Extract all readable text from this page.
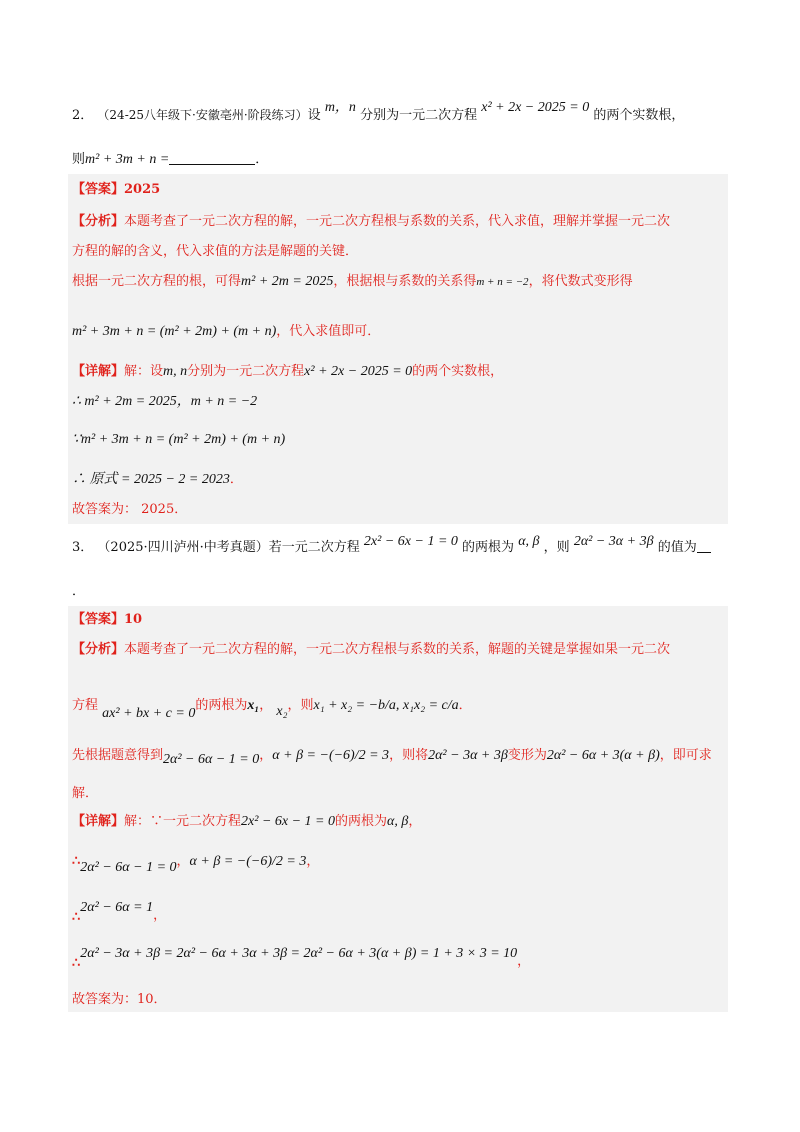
2． （24-25八年级下·安徽亳州·阶段练习）设 m，n 分别为一元二次方程 x² + 2x − 2025 = 0 的两个实数根，
则m² + 3m + n =	．
【答案】2025
【分析】本题考查了一元二次方程的解，一元二次方程根与系数的关系，代入求值，理解并掌握一元二次
方程的解的含义，代入求值的方法是解题的关键．
根据一元二次方程的根，可得m² + 2m = 2025，根据根与系数的关系得m + n = −2，将代数式变形得
m² + 3m + n = (m² + 2m) + (m + n)，代入求值即可．
【详解】解：设m, n分别为一元二次方程x² + 2x − 2025 = 0的两个实数根，
∴ m² + 2m = 2025，m + n = −2
∵m² + 3m + n = (m² + 2m) + (m + n)
∴ 原式 = 2025 − 2 = 2023．
故答案为： 2025．
3． （2025·四川泸州·中考真题）若一元二次方程 2x² − 6x − 1 = 0 的两根为 α, β ，则 2α² − 3α + 3β 的值为
．
【答案】10
【分析】本题考查了一元二次方程的解，一元二次方程根与系数的关系，解题的关键是掌握如果一元二次
方程 ax² + bx + c = 0的两根为x₁， x₂，则x₁ + x₂ = −b/a, x₁x₂ = c/a．
先根据题意得到2α² − 6α − 1 = 0，α + β = −(−6)/2 = 3，则将2α² − 3α + 3β变形为2α² − 6α + 3(α + β)，即可求
解．
【详解】解：∵一元二次方程2x² − 6x − 1 = 0的两根为α, β，
∴2α² − 6α − 1 = 0，α + β = −(−6)/2 = 3，
∴2α² − 6α = 1，
∴2α² − 3α + 3β = 2α² − 6α + 3α + 3β = 2α² − 6α + 3(α + β) = 1 + 3 × 3 = 10，
故答案为：10．
